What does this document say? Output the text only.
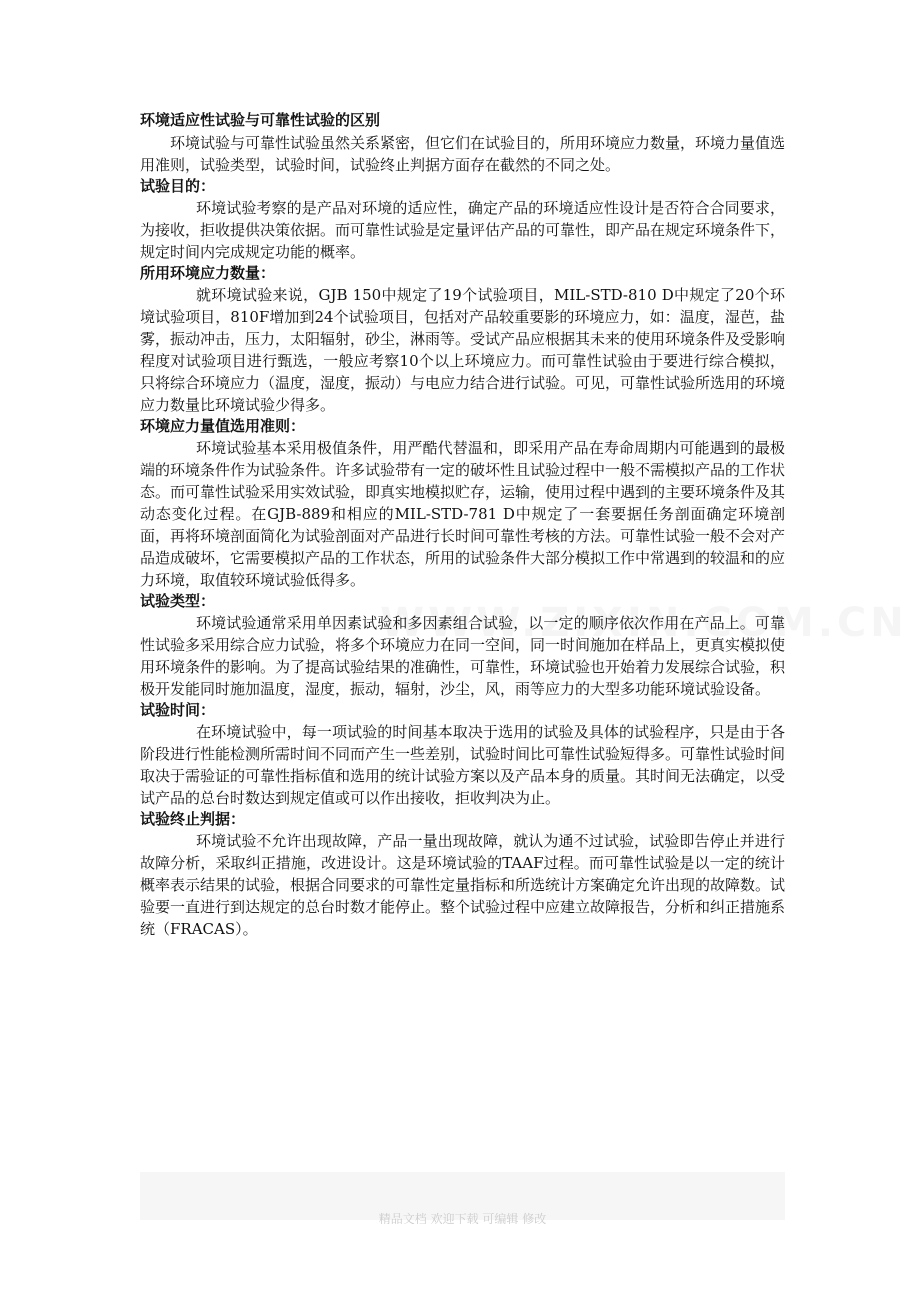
环境适应性试验与可靠性试验的区别

环境试验与可靠性试验虽然关系紧密，但它们在试验目的，所用环境应力数量，环境力量值选用准则，试验类型，试验时间，试验终止判据方面存在截然的不同之处。

试验目的：

环境试验考察的是产品对环境的适应性，确定产品的环境适应性设计是否符合合同要求，为接收，拒收提供决策依据。而可靠性试验是定量评估产品的可靠性，即产品在规定环境条件下，规定时间内完成规定功能的概率。

所用环境应力数量：

就环境试验来说，GJB 150中规定了19个试验项目，MIL-STD-810 D中规定了20个环境试验项目，810F增加到24个试验项目，包括对产品较重要影的环境应力，如：温度，湿芭，盐雾，振动冲击，压力，太阳辐射，砂尘，淋雨等。受试产品应根据其未来的使用环境条件及受影响程度对试验项目进行甄选，一般应考察10个以上环境应力。而可靠性试验由于要进行综合模拟，只将综合环境应力（温度，湿度，振动）与电应力结合进行试验。可见，可靠性试验所选用的环境应力数量比环境试验少得多。

环境应力量值选用准则：

环境试验基本采用极值条件，用严酷代替温和，即采用产品在寿命周期内可能遇到的最极端的环境条件作为试验条件。许多试验带有一定的破坏性且试验过程中一般不需模拟产品的工作状态。而可靠性试验采用实效试验，即真实地模拟贮存，运输，使用过程中遇到的主要环境条件及其动态变化过程。在GJB-889和相应的MIL-STD-781 D中规定了一套要据任务剖面确定环境剖面，再将环境剖面简化为试验剖面对产品进行长时间可靠性考核的方法。可靠性试验一般不会对产品造成破坏，它需要模拟产品的工作状态，所用的试验条件大部分模拟工作中常遇到的较温和的应力环境，取值较环境试验低得多。

试验类型：

环境试验通常采用单因素试验和多因素组合试验，以一定的顺序依次作用在产品上。可靠性试验多采用综合应力试验，将多个环境应力在同一空间，同一时间施加在样品上，更真实模拟使用环境条件的影响。为了提高试验结果的准确性，可靠性，环境试验也开始着力发展综合试验，积极开发能同时施加温度，湿度，振动，辐射，沙尘，风，雨等应力的大型多功能环境试验设备。

试验时间：

在环境试验中，每一项试验的时间基本取决于选用的试验及具体的试验程序，只是由于各阶段进行性能检测所需时间不同而产生一些差别，试验时间比可靠性试验短得多。可靠性试验时间取决于需验证的可靠性指标值和选用的统计试验方案以及产品本身的质量。其时间无法确定，以受试产品的总台时数达到规定值或可以作出接收，拒收判决为止。

试验终止判据：

环境试验不允许出现故障，产品一量出现故障，就认为通不过试验，试验即告停止并进行故障分析，采取纠正措施，改进设计。这是环境试验的TAAF过程。而可靠性试验是以一定的统计概率表示结果的试验，根据合同要求的可靠性定量指标和所选统计方案确定允许出现的故障数。试验要一直进行到达规定的总台时数才能停止。整个试验过程中应建立故障报告，分析和纠正措施系统（FRACAS）。

精品文档 欢迎下载 可编辑 修改
